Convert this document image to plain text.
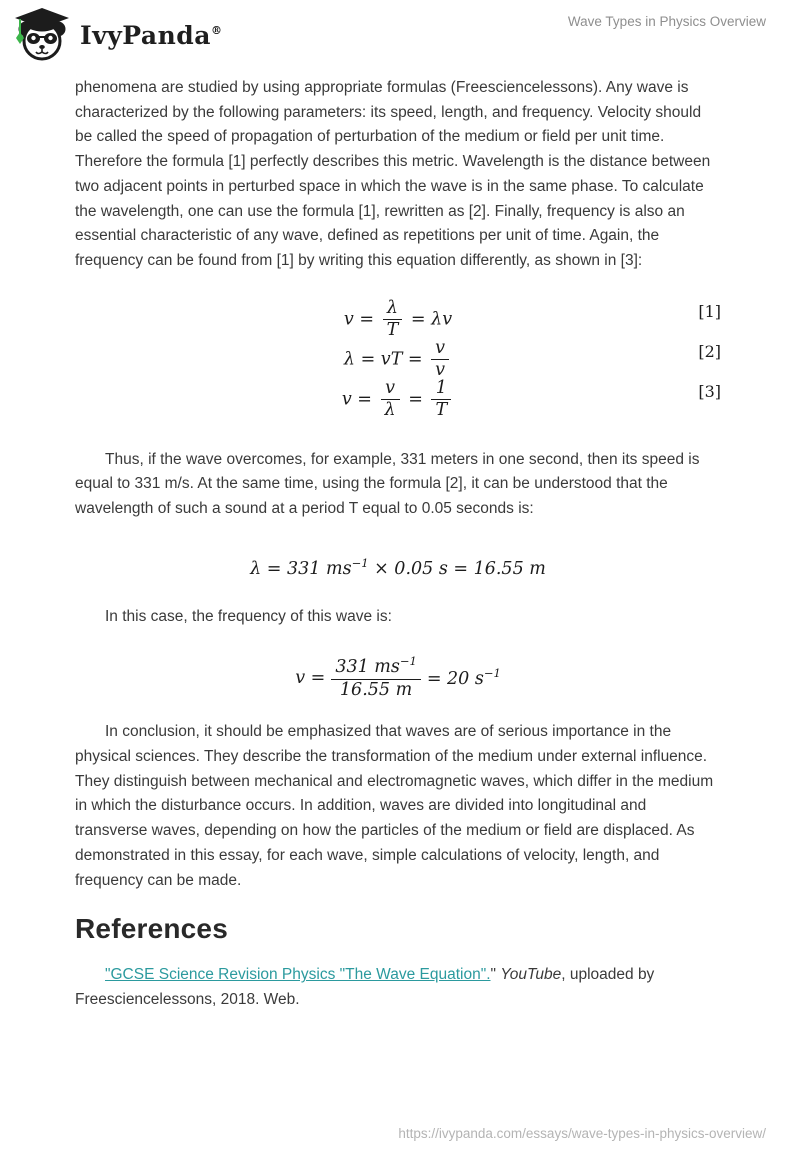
IvyPanda®
Wave Types in Physics Overview

phenomena are studied by using appropriate formulas (Freesciencelessons). Any wave is characterized by the following parameters: its speed, length, and frequency. Velocity should be called the speed of propagation of perturbation of the medium or field per unit time. Therefore the formula [1] perfectly describes this metric. Wavelength is the distance between two adjacent points in perturbed space in which the wave is in the same phase. To calculate the wavelength, one can use the formula [1], rewritten as [2]. Finally, frequency is also an essential characteristic of any wave, defined as repetitions per unit of time. Again, the frequency can be found from [1] by writing this equation differently, as shown in [3]:

$v = \frac{\lambda}{T} = \lambda v$	[1]
λ = vT = $\frac{v}{v}$	[2]
$v = \frac{v}{\lambda} = \frac{1}{T}$	[3]

Thus, if the wave overcomes, for example, 331 meters in one second, then its speed is equal to 331 m/s. At the same time, using the formula [2], it can be understood that the wavelength of such a sound at a period T equal to 0.05 seconds is:

λ = 331 $ms^{-1} \times 0.05$ s = 16.55 m

In this case, the frequency of this wave is:

$v = \frac{331 ms^{-1}}{16.55 m} = 20$ $s^{-1}$

In conclusion, it should be emphasized that waves are of serious importance in the physical sciences. They describe the transformation of the medium under external influence. They distinguish between mechanical and electromagnetic waves, which differ in the medium in which the disturbance occurs. In addition, waves are divided into longitudinal and transverse waves, depending on how the particles of the medium or field are displaced. As demonstrated in this essay, for each wave, simple calculations of velocity, length, and frequency can be made.

References

"GCSE Science Revision Physics "The Wave Equation"." YouTube, uploaded by Freesciencelessons, 2018. Web.

https://ivypanda.com/essays/wave-types-in-physics-overview/
